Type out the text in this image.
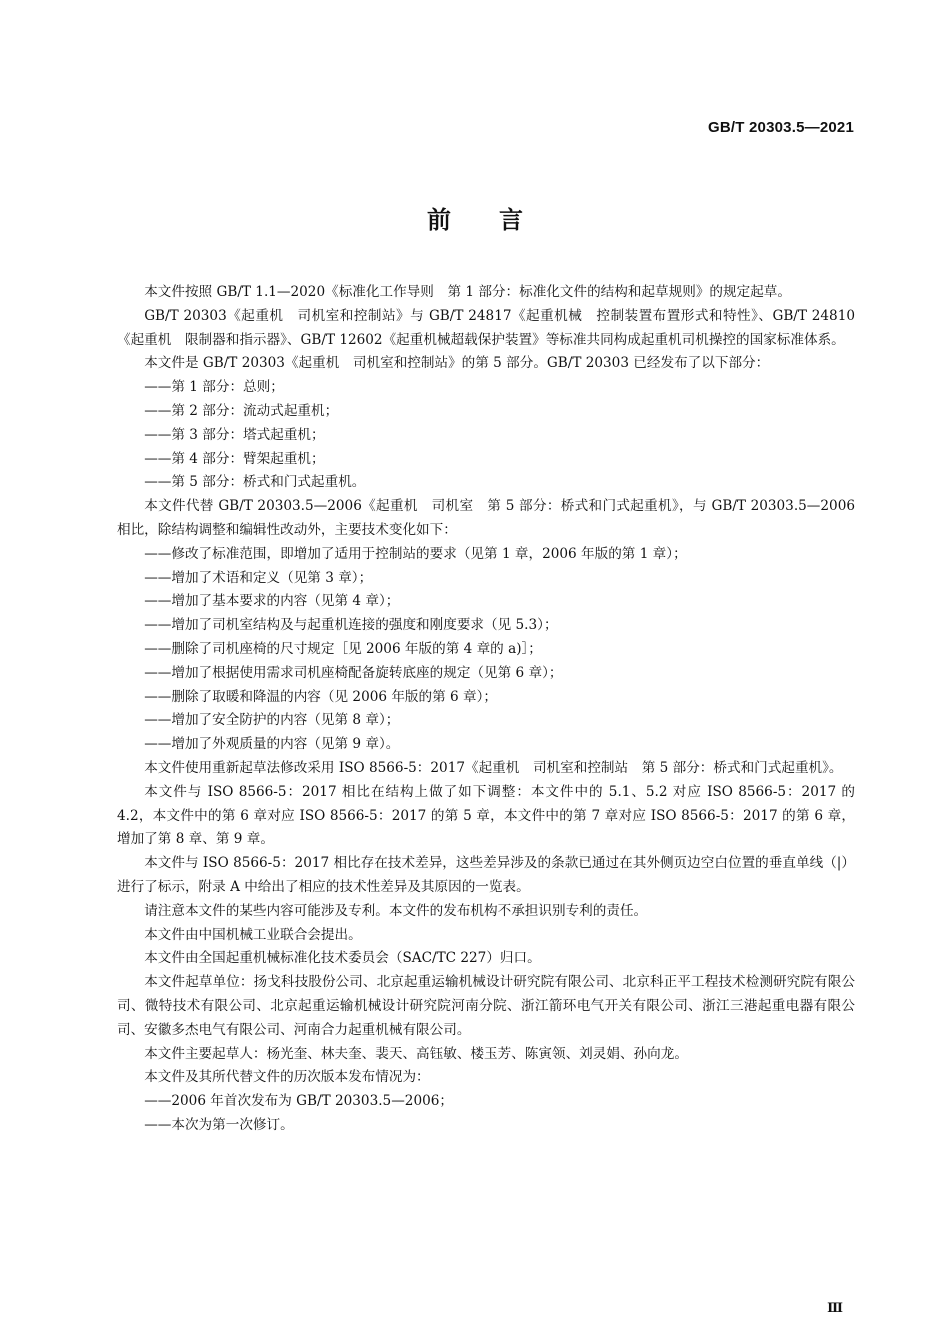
GB/T 20303.5—2021
前言

本文件按照 GB/T 1.1—2020《标准化工作导则　第 1 部分：标准化文件的结构和起草规则》的规定起草。

GB/T 20303《起重机　司机室和控制站》与 GB/T 24817《起重机械　控制装置布置形式和特性》、GB/T 24810《起重机　限制器和指示器》、GB/T 12602《起重机械超载保护装置》等标准共同构成起重机司机操控的国家标准体系。

本文件是 GB/T 20303《起重机　司机室和控制站》的第 5 部分。GB/T 20303 已经发布了以下部分：

——第 1 部分：总则；

——第 2 部分：流动式起重机；

——第 3 部分：塔式起重机；

——第 4 部分：臂架起重机；

——第 5 部分：桥式和门式起重机。

本文件代替 GB/T 20303.5—2006《起重机　司机室　第 5 部分：桥式和门式起重机》，与 GB/T 20303.5—2006 相比，除结构调整和编辑性改动外，主要技术变化如下：

——修改了标准范围，即增加了适用于控制站的要求（见第 1 章，2006 年版的第 1 章）；

——增加了术语和定义（见第 3 章）；

——增加了基本要求的内容（见第 4 章）；

——增加了司机室结构及与起重机连接的强度和刚度要求（见 5.3）；

——删除了司机座椅的尺寸规定［见 2006 年版的第 4 章的 a)］；

——增加了根据使用需求司机座椅配备旋转底座的规定（见第 6 章）；

——删除了取暖和降温的内容（见 2006 年版的第 6 章）；

——增加了安全防护的内容（见第 8 章）；

——增加了外观质量的内容（见第 9 章）。

本文件使用重新起草法修改采用 ISO 8566-5：2017《起重机　司机室和控制站　第 5 部分：桥式和门式起重机》。

本文件与 ISO 8566-5：2017 相比在结构上做了如下调整：本文件中的 5.1、5.2 对应 ISO 8566-5：2017 的 4.2，本文件中的第 6 章对应 ISO 8566-5：2017 的第 5 章，本文件中的第 7 章对应 ISO 8566-5：2017 的第 6 章，增加了第 8 章、第 9 章。

本文件与 ISO 8566-5：2017 相比存在技术差异，这些差异涉及的条款已通过在其外侧页边空白位置的垂直单线（|）进行了标示，附录 A 中给出了相应的技术性差异及其原因的一览表。

请注意本文件的某些内容可能涉及专利。本文件的发布机构不承担识别专利的责任。

本文件由中国机械工业联合会提出。

本文件由全国起重机械标准化技术委员会（SAC/TC 227）归口。

本文件起草单位：扬戈科技股份公司、北京起重运输机械设计研究院有限公司、北京科正平工程技术检测研究院有限公司、微特技术有限公司、北京起重运输机械设计研究院河南分院、浙江箭环电气开关有限公司、浙江三港起重电器有限公司、安徽多杰电气有限公司、河南合力起重机械有限公司。

本文件主要起草人：杨光奎、林夫奎、裴天、高钰敏、楼玉芳、陈寅领、刘灵娟、孙向龙。

本文件及其所代替文件的历次版本发布情况为：

——2006 年首次发布为 GB/T 20303.5—2006；

——本次为第一次修订。

Ⅲ
